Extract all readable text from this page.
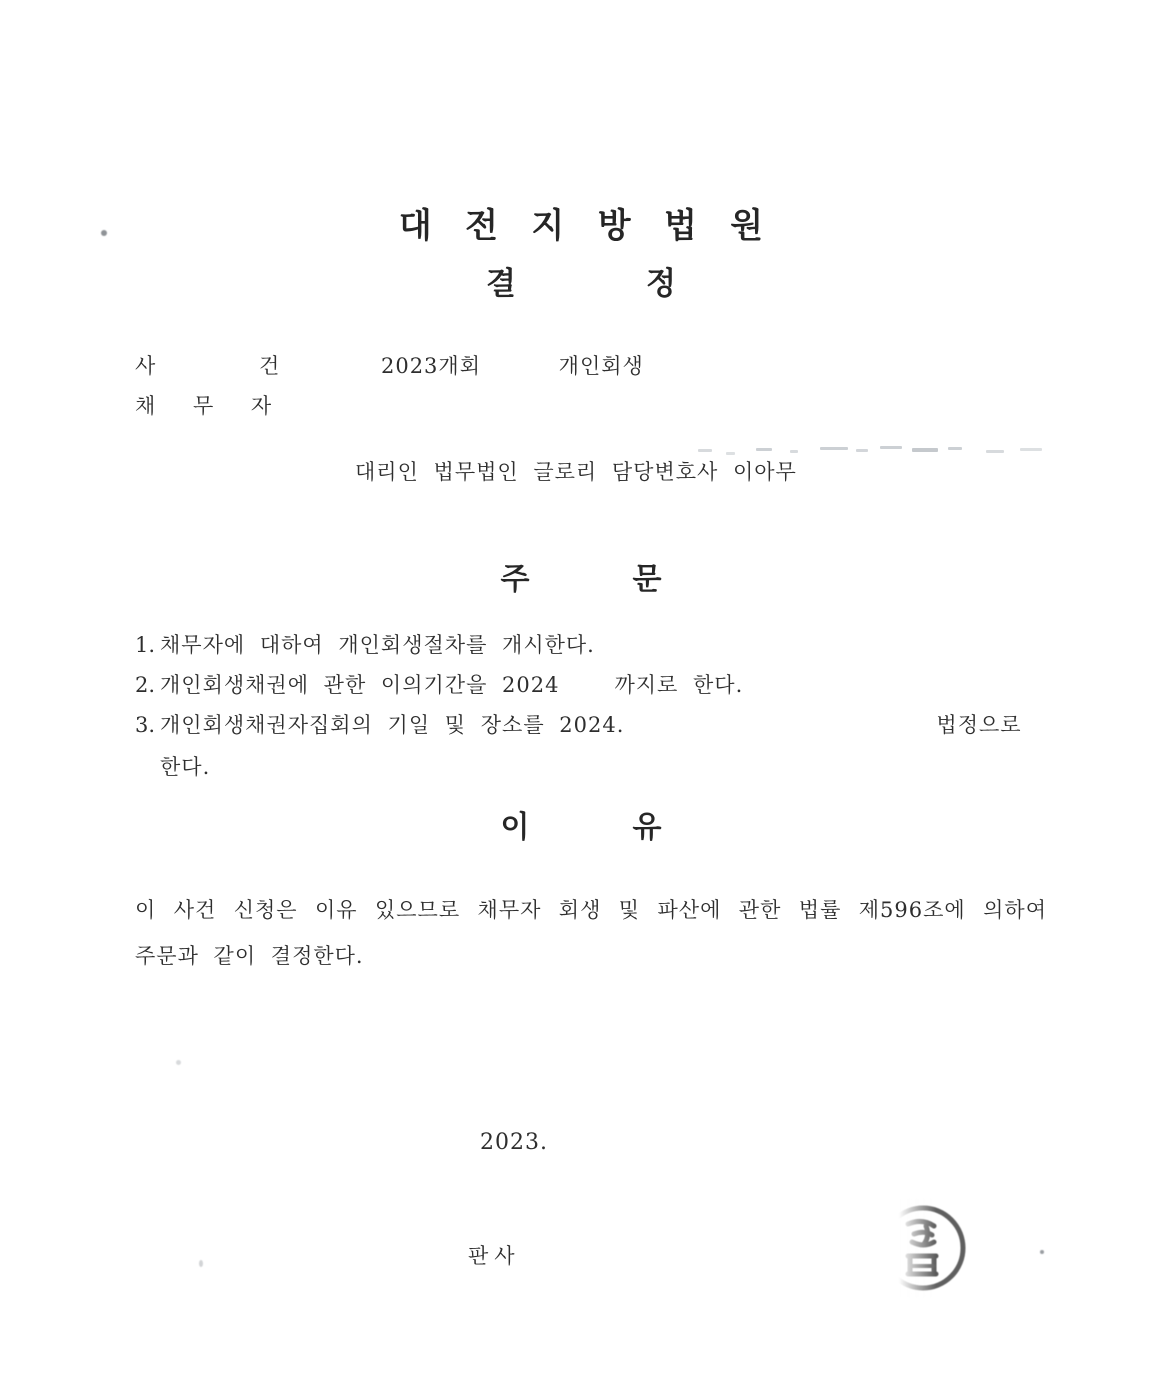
대 전 지 방 법 원
결	정
사	건	2023개회	개인회생
채 무 자
대리인 법무법인 글로리 담당변호사 이아무
주	문
1. 채무자에 대하여 개인회생절차를 개시한다.
2. 개인회생채권에 관한 이의기간을 2024	까지로 한다.
3. 개인회생채권자집회의 기일 및 장소를 2024.	법정으로
한다.
이	유

이 사건 신청은 이유 있으므로 채무자 회생 및 파산에 관한 법률 제596조에 의하여 주문과 같이 결정한다.

2023.
판사
